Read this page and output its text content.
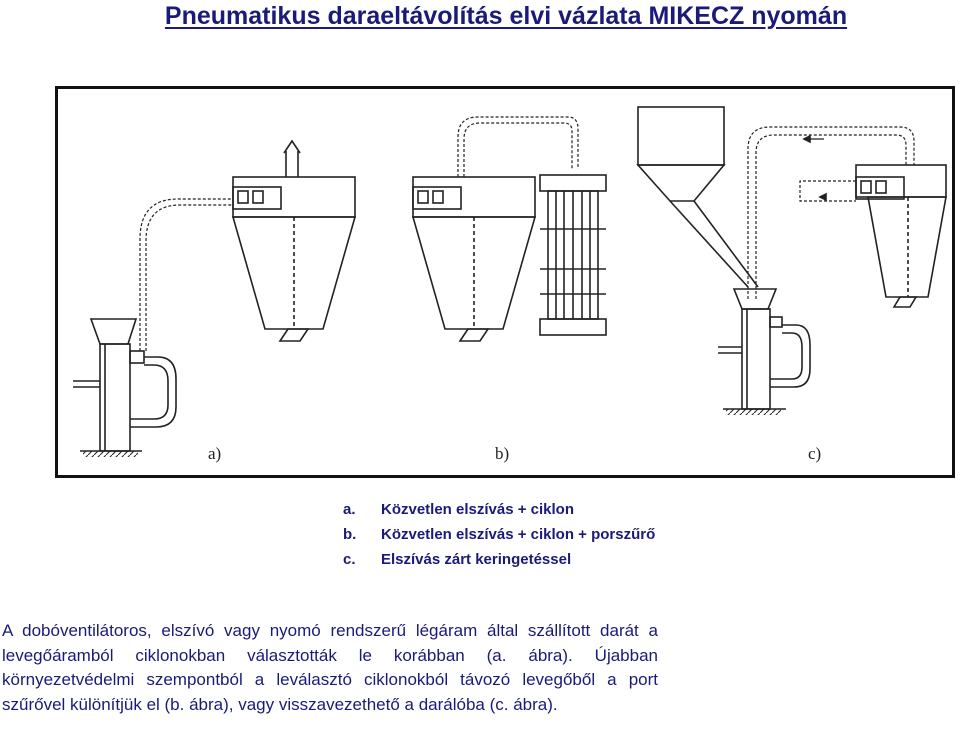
Pneumatikus daraeltávolítás elvi vázlata MIKECZ nyomán
a)	b)	c)
a. Közvetlen elszívás + ciklon
b. Közvetlen elszívás + ciklon + porszűrő
c. Elszívás zárt keringetéssel

A dobóventilátoros, elszívó vagy nyomó rendszerű légáram által szállított darát a levegőáramból ciklonokban választották le korábban (a. ábra). Újabban környezetvédelmi szempontból a leválasztó ciklonokból távozó levegőből a port szűrővel különítjük el (b. ábra), vagy visszavezethető a darálóba (c. ábra).
